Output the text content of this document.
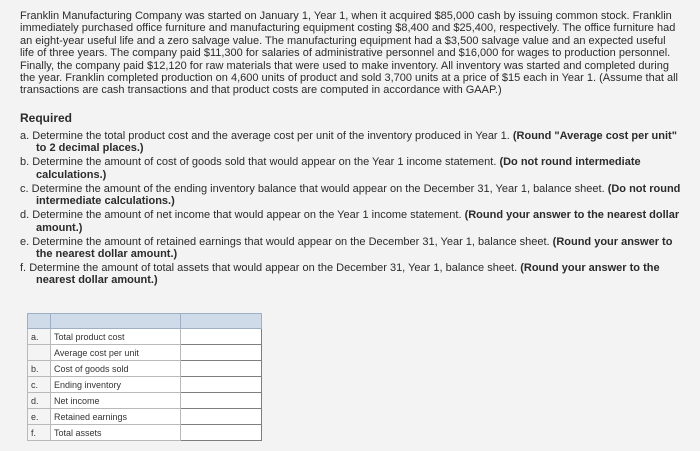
Franklin Manufacturing Company was started on January 1, Year 1, when it acquired $85,000 cash by issuing common stock. Franklin immediately purchased office furniture and manufacturing equipment costing $8,400 and $25,400, respectively. The office furniture had an eight-year useful life and a zero salvage value. The manufacturing equipment had a $3,500 salvage value and an expected useful life of three years. The company paid $11,300 for salaries of administrative personnel and $16,000 for wages to production personnel. Finally, the company paid $12,120 for raw materials that were used to make inventory. All inventory was started and completed during the year. Franklin completed production on 4,600 units of product and sold 3,700 units at a price of $15 each in Year 1. (Assume that all transactions are cash transactions and that product costs are computed in accordance with GAAP.)

Required

a. Determine the total product cost and the average cost per unit of the inventory produced in Year 1. (Round "Average cost per unit" to 2 decimal places.)
b. Determine the amount of cost of goods sold that would appear on the Year 1 income statement. (Do not round intermediate calculations.)
c. Determine the amount of the ending inventory balance that would appear on the December 31, Year 1, balance sheet. (Do not round intermediate calculations.)
d. Determine the amount of net income that would appear on the Year 1 income statement. (Round your answer to the nearest dollar amount.)
e. Determine the amount of retained earnings that would appear on the December 31, Year 1, balance sheet. (Round your answer to the nearest dollar amount.)
f. Determine the amount of total assets that would appear on the December 31, Year 1, balance sheet. (Round your answer to the nearest dollar amount.)

a.	Total product cost	
	Average cost per unit	
b.	Cost of goods sold	
c.	Ending inventory	
d.	Net income	
e.	Retained earnings	
f.	Total assets	
